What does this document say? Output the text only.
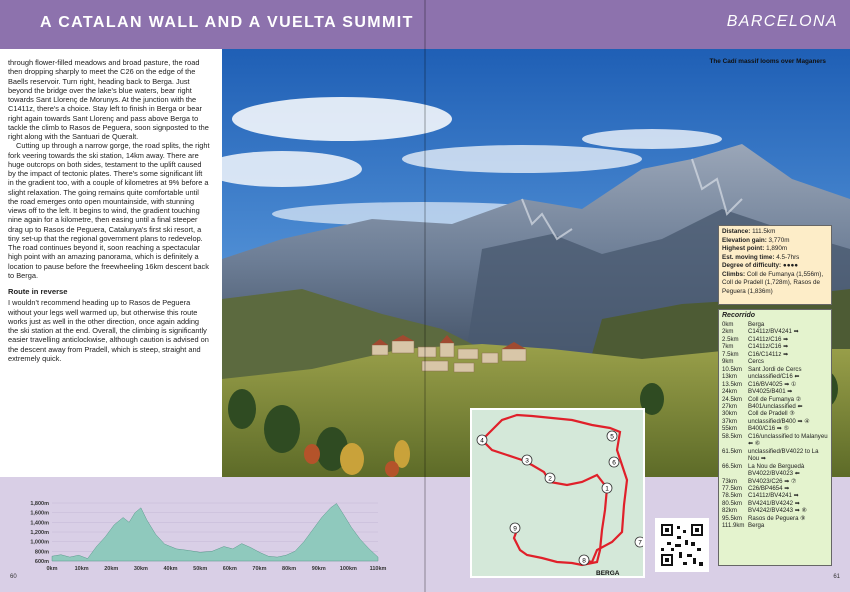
A CATALAN WALL AND A VUELTA SUMMIT	BARCELONA

through flower-filled meadows and broad pasture, the road then dropping sharply to meet the C26 on the edge of the Baells reservoir. Turn right, heading back to Berga. Just beyond the bridge over the lake's blue waters, bear right towards Sant Llorenç de Morunys. At the junction with the C1411z, there's a choice. Stay left to finish in Berga or bear right again towards Sant Llorenç and pass above Berga to tackle the climb to Rasos de Peguera, soon signposted to the right along with the Santuari de Queralt.

Cutting up through a narrow gorge, the road splits, the right fork veering towards the ski station, 14km away. There are huge outcrops on both sides, testament to the uplift caused by the impact of tectonic plates. There's some significant lift in the gradient too, with a couple of kilometres at 9% before a slight relaxation. The going remains quite comfortable until the road emerges onto open mountainside, with stunning views off to the left. It begins to wind, the gradient touching nine again for a kilometre, then easing until a final steeper drag up to Rasos de Peguera, Catalunya's first ski resort, a tiny set-up that the regional government plans to redevelop. The road continues beyond it, soon reaching a spectacular high point with an amazing panorama, which is definitely a location to pause before the freewheeling 16km descent back to Berga.

Route in reverse

I wouldn't recommend heading up to Rasos de Peguera without your legs well warmed up, but otherwise this route works just as well in the other direction, once again adding the ski station at the end. Overall, the climbing is significantly easier travelling anticlockwise, although caution is advised on the descent away from Pradell, which is steep, straight and extremely quick.

The Cadí massif looms over Maganers
Distance: 111.5km
Elevation gain: 3,770m
Highest point: 1,890m
Est. moving time: 4.5-7hrs
Degree of difficulty: ●●●●
Climbs: Coll de Fumanya (1,556m), Coll de Pradell (1,728m), Rasos de Peguera (1,836m)
Recorrido
0km	Berga
2km	C1411z/BV4241 ➡
2.5km	C1411z/C16 ➡
7km	C1411z/C16 ➡
7.5km	C16/C1411z ➡
9km	Cercs
10.5km	Sant Jordi de Cercs
13km	unclassified/C16 ⬅
13.5km	C16/BV4025 ➡ ①
24km	BV4025/B401 ➡
24.5km	Coll de Fumanya ②
27km	B401/unclassified ⬅
30km	Coll de Pradell ③
37km	unclassified/B400 ➡ ④
55km	B400/C16 ➡ ⑤
58.5km	C16/unclassified to Malanyeu ⬅ ⑥
61.5km	unclassified/BV4022 to La Nou ➡
66.5km	La Nou de Berguedà BV4022/BV4023 ⬅
73km	BV4023/C26 ➡ ⑦
77.5km	C26/BP4654 ➡
78.5km	C1411z/BV4241 ➡
80.5km	BV4241/BV4242 ➡
82km	BV4242/BV4243 ➡ ⑧
95.5km	Rasos de Peguera ⑨
111.9km	Berga
1
2
3
4
5
6
7
8
9
BERGA
1,800m
1,600m
1,400m
1,200m
1,000m
800m
600m
0km	10km	20km	30km	40km	50km	60km	70km	80km	90km	100km 110km
60	61
